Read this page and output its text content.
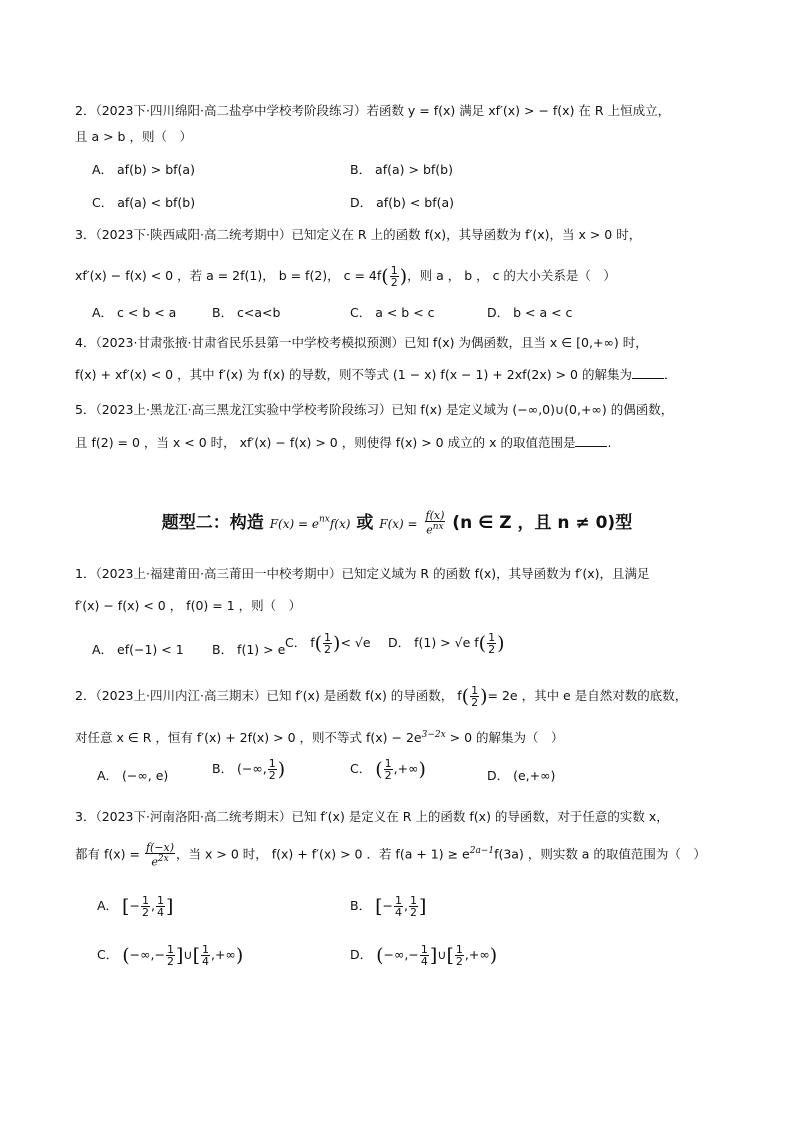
2．（2023下·四川绵阳·高二盐亭中学校考阶段练习）若函数 y = f(x) 满足 xf′(x) > − f(x) 在 R 上恒成立，
且 a > b ，则（　）
A． af(b) > bf(a)	B． af(a) > bf(b)
C． af(a) < bf(b)	D． af(b) < bf(a)
3．（2023下·陕西咸阳·高二统考期中）已知定义在 R 上的函数 f(x)，其导函数为 f′(x)，当 x > 0 时，
xf′(x) − f(x) < 0 ，若 a = 2f(1)， b = f(2)， $c = 4f( \frac{1}{2}$ )，则 a ， b ， c 的大小关系是（　）
A． c < b < a	B． c<a<b	C． a < b < c	D． b < a < c
4．（2023·甘肃张掖·甘肃省民乐县第一中学校考模拟预测）已知 f(x) 为偶函数，且当 x ∈ [0,+∞) 时，
f(x) + xf′(x) < 0 ，其中 f′(x) 为 f(x) 的导数，则不等式 (1 − x) f(x − 1) + 2xf(2x) > 0 的解集为	．
5．（2023上·黑龙江·高三黑龙江实验中学校考阶段练习）已知 f(x) 是定义域为 (−∞,0)∪(0,+∞) 的偶函数，
且 f(2) = 0 ，当 x < 0 时， xf′(x) − f(x) > 0 ，则使得 f(x) > 0 成立的 x 的取值范围是	.
题型二：构造 $F(x) = e^{nx}f(x)$ 或 $F(x) = \frac{f(x)}{e^{nx}} (n$ ∈ Z ，且 n ≠ 0)型
1．（2023上·福建莆田·高三莆田一中校考期中）已知定义域为 R 的函数 f(x)，其导函数为 f′(x)，且满足
f′(x) − f(x) < 0 ， f(0) = 1 ，则（　）
A． ef(−1) < 1 B． f(1) > e C． $f( \frac{1}{2}$ )< √e D． f(1) > √e $f( \frac{1}{2}$ )
2．（2023上·四川内江·高三期末）已知 f′(x) 是函数 f(x) 的导函数， $f( \frac{1}{2}$ )= 2e ，其中 e 是自然对数的底数，
对任意 x ∈ R ，恒有 f′(x) + 2f(x) > 0 ，则不等式 $f(x) - 2e^{3-2x} > 0$ 的解集为（　）
A． (−∞, e)	B． (−∞, $\frac{1}{2}$ )	C． ( $\frac{1}{2}$ ,+∞)	D． (e,+∞)
3．（2023下·河南洛阳·高二统考期末）已知 f′(x) 是定义在 R 上的函数 f(x) 的导函数，对于任意的实数 x，
都有 $f(x) = \frac{f(-x)}{e^{2x}}$ ，当 x > 0 时， f(x) + f′(x) > 0 ．若 $f(a + 1) \ge e^{2a-1}f(3a)$ ，则实数 a 的取值范围为（　）
A． [− $\frac{1}{2}$ , $\frac{1}{4}$ ]	B． [− $\frac{1}{4}$ , $\frac{1}{2}$ ]
C． (−∞,− $\frac{1}{2}$ ]∪[ $\frac{1}{4}$ ,+∞)	D． (−∞,− $\frac{1}{4}$ ]∪[ $\frac{1}{2}$ ,+∞)
